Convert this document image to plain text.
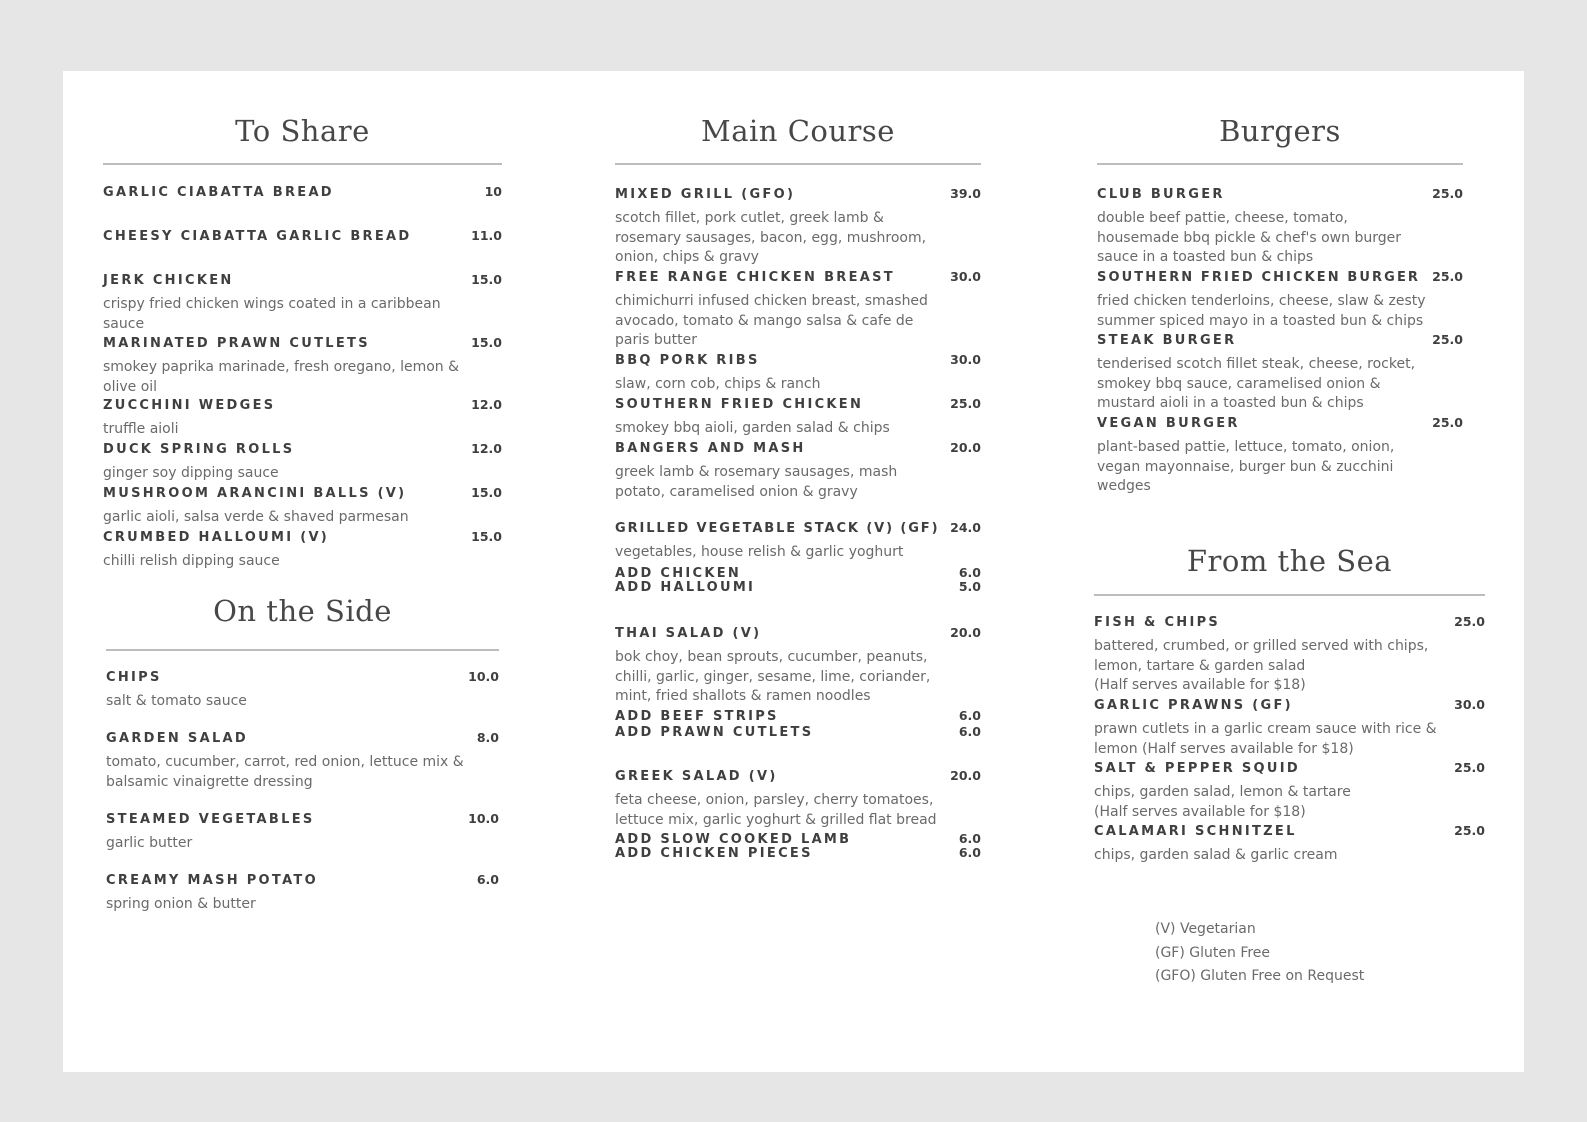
To Share
GARLIC CIABATTA BREAD	10
CHEESY CIABATTA GARLIC BREAD	11.0
JERK CHICKEN	15.0
crispy fried chicken wings coated in a caribbean sauce
MARINATED PRAWN CUTLETS	15.0
smokey paprika marinade, fresh oregano, lemon & olive oil
ZUCCHINI WEDGES	12.0
truffle aioli
DUCK SPRING ROLLS	12.0
ginger soy dipping sauce
MUSHROOM ARANCINI BALLS (V)	15.0
garlic aioli, salsa verde & shaved parmesan
CRUMBED HALLOUMI (V)	15.0
chilli relish dipping sauce
On the Side
CHIPS	10.0
salt & tomato sauce
GARDEN SALAD	8.0
tomato, cucumber, carrot, red onion, lettuce mix & balsamic vinaigrette dressing
STEAMED VEGETABLES	10.0
garlic butter
CREAMY MASH POTATO	6.0
spring onion & butter
Main Course
MIXED GRILL (GFO)	39.0
scotch fillet, pork cutlet, greek lamb & rosemary sausages, bacon, egg, mushroom, onion, chips & gravy
FREE RANGE CHICKEN BREAST	30.0
chimichurri infused chicken breast, smashed avocado, tomato & mango salsa & cafe de paris butter
BBQ PORK RIBS	30.0
slaw, corn cob, chips & ranch
SOUTHERN FRIED CHICKEN	25.0
smokey bbq aioli, garden salad & chips
BANGERS AND MASH	20.0
greek lamb & rosemary sausages, mash potato, caramelised onion & gravy
GRILLED VEGETABLE STACK (V) (GF) 24.0
vegetables, house relish & garlic yoghurt
ADD CHICKEN	6.0
ADD HALLOUMI	5.0
THAI SALAD (V)	20.0
bok choy, bean sprouts, cucumber, peanuts, chilli, garlic, ginger, sesame, lime, coriander, mint, fried shallots & ramen noodles
ADD BEEF STRIPS	6.0
ADD PRAWN CUTLETS	6.0
GREEK SALAD (V)	20.0
feta cheese, onion, parsley, cherry tomatoes, lettuce mix, garlic yoghurt & grilled flat bread
ADD SLOW COOKED LAMB	6.0
ADD CHICKEN PIECES	6.0
Burgers
CLUB BURGER	25.0
double beef pattie, cheese, tomato, housemade bbq pickle & chef's own burger sauce in a toasted bun & chips
SOUTHERN FRIED CHICKEN BURGER 25.0
fried chicken tenderloins, cheese, slaw & zesty summer spiced mayo in a toasted bun & chips
STEAK BURGER	25.0
tenderised scotch fillet steak, cheese, rocket, smokey bbq sauce, caramelised onion & mustard aioli in a toasted bun & chips
VEGAN BURGER	25.0
plant-based pattie, lettuce, tomato, onion, vegan mayonnaise, burger bun & zucchini wedges
From the Sea
FISH & CHIPS	25.0
battered, crumbed, or grilled served with chips, lemon, tartare & garden salad
(Half serves available for $18)
GARLIC PRAWNS (GF)	30.0
prawn cutlets in a garlic cream sauce with rice & lemon (Half serves available for $18)
SALT & PEPPER SQUID	25.0
chips, garden salad, lemon & tartare
(Half serves available for $18)
CALAMARI SCHNITZEL	25.0
chips, garden salad & garlic cream
(V) Vegetarian
(GF) Gluten Free
(GFO) Gluten Free on Request
